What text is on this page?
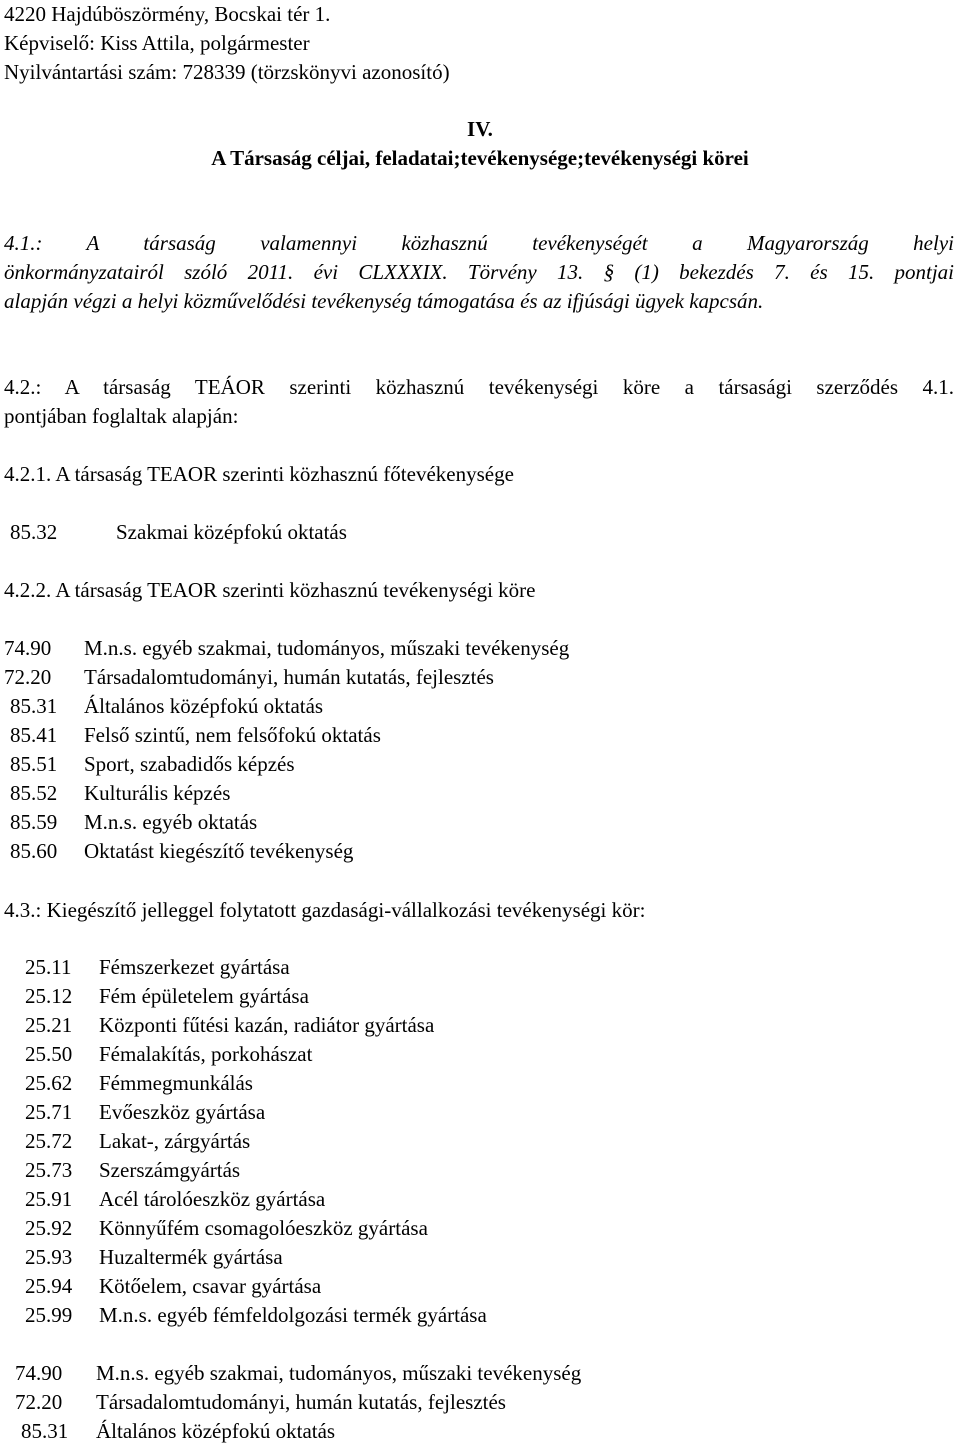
4220 Hajdúböszörmény, Bocskai tér 1.
Képviselő: Kiss Attila, polgármester
Nyilvántartási szám: 728339 (törzskönyvi azonosító)
IV.
A Társaság céljai, feladatai;tevékenysége;tevékenységi körei
4.1.: A társaság valamennyi közhasznú tevékenységét a Magyarország helyi
önkormányzatairól szóló 2011. évi CLXXXIX. Törvény 13. § (1) bekezdés 7. és 15. pontjai
alapján végzi a helyi közművelődési tevékenység támogatása és az ifjúsági ügyek kapcsán.
4.2.: A társaság TEÁOR szerinti közhasznú tevékenységi köre a társasági szerződés 4.1.
pontjában foglaltak alapján:
4.2.1. A társaság TEAOR szerinti közhasznú főtevékenysége
85.32	Szakmai középfokú oktatás
4.2.2. A társaság TEAOR szerinti közhasznú tevékenységi köre
74.90 M.n.s. egyéb szakmai, tudományos, műszaki tevékenység
72.20 Társadalomtudományi, humán kutatás, fejlesztés
85.31 Általános középfokú oktatás
85.41 Felső szintű, nem felsőfokú oktatás
85.51 Sport, szabadidős képzés
85.52 Kulturális képzés
85.59 M.n.s. egyéb oktatás
85.60 Oktatást kiegészítő tevékenység
4.3.: Kiegészítő jelleggel folytatott gazdasági-vállalkozási tevékenységi kör:
25.11 Fémszerkezet gyártása
25.12 Fém épületelem gyártása
25.21 Központi fűtési kazán, radiátor gyártása
25.50 Fémalakítás, porkohászat
25.62 Fémmegmunkálás
25.71 Evőeszköz gyártása
25.72 Lakat-, zárgyártás
25.73 Szerszámgyártás
25.91 Acél tárolóeszköz gyártása
25.92 Könnyűfém csomagolóeszköz gyártása
25.93 Huzaltermék gyártása
25.94 Kötőelem, csavar gyártása
25.99 M.n.s. egyéb fémfeldolgozási termék gyártása
74.90 M.n.s. egyéb szakmai, tudományos, műszaki tevékenység
72.20 Társadalomtudományi, humán kutatás, fejlesztés
85.31 Általános középfokú oktatás
